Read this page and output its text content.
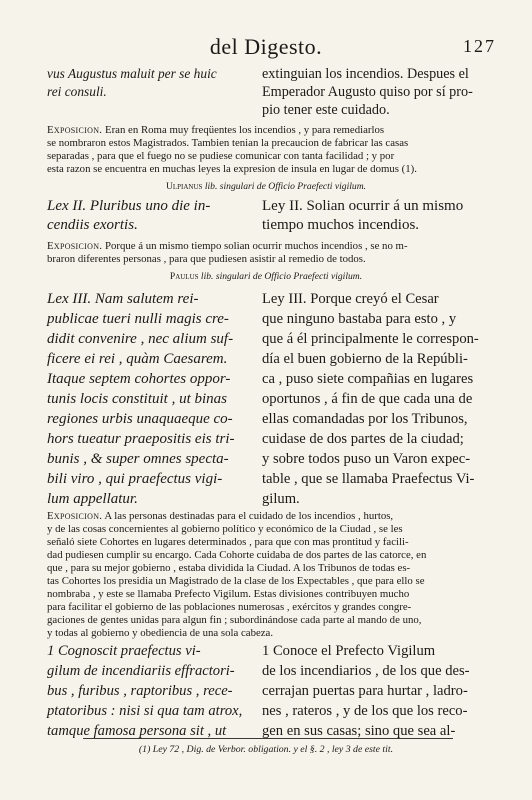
del Digesto.	127
vus Augustus maluit per se huic
rei consuli.
extinguian los incendios. Despues el
Emperador Augusto quiso por sí pro-
pio tener este cuidado.
Exposicion. Eran en Roma muy freqüentes los incendios , y para remediarlos
se nombraron estos Magistrados. Tambien tenian la precaucion de fabricar las casas
separadas , para que el fuego no se pudiese comunicar con tanta facilidad ; y por
esta razon se encuentra en muchas leyes la expresion de insula en lugar de domus (1).
Ulpianus lib. singulari de Officio Praefecti vigilum.
Lex II. Pluribus uno die in-
cendiis exortis.
Ley II. Solian ocurrir á un mismo
tiempo muchos incendios.
Exposicion. Porque á un mismo tiempo solian ocurrir muchos incendios , se no m-
braron diferentes personas , para que pudiesen asistir al remedio de todos.
Paulus lib. singulari de Officio Praefecti vigilum.
Lex III. Nam salutem rei-
publicae tueri nulli magis cre-
didit convenire , nec alium suf-
ficere ei rei , quàm Caesarem.
Itaque septem cohortes oppor-
tunis locis constituit , ut binas
regiones urbis unaquaeque co-
hors tueatur praepositis eis tri-
bunis , & super omnes specta-
bili viro , qui praefectus vigi-
lum appellatur.
Ley III. Porque creyó el Cesar
que ninguno bastaba para esto , y
que á él principalmente le correspon-
día el buen gobierno de la Repúbli-
ca , puso siete compañias en lugares
oportunos , á fin de que cada una de
ellas comandadas por los Tribunos,
cuidase de dos partes de la ciudad;
y sobre todos puso un Varon expec-
table , que se llamaba Praefectus Vi-
gilum.
Exposicion. A las personas destinadas para el cuidado de los incendios , hurtos,
y de las cosas concernientes al gobierno político y económico de la Ciudad , se les
señaló siete Cohortes en lugares determinados , para que con mas prontitud y facili-
dad pudiesen cumplir su encargo. Cada Cohorte cuidaba de dos partes de las catorce, en
que , para su mejor gobierno , estaba dividida la Ciudad. A los Tribunos de todas es-
tas Cohortes los presidia un Magistrado de la clase de los Expectables , que para ello se
nombraba , y este se llamaba Prefecto Vigilum. Estas divisiones contribuyen mucho
para facilitar el gobierno de las poblaciones numerosas , exércitos y grandes congre-
gaciones de gentes unidas para algun fin ; subordinándose cada parte al mando de uno,
y todas al gobierno y obediencia de una sola cabeza.
1 Cognoscit praefectus vi-
gilum de incendiariis effractori-
bus , furibus , raptoribus , rece-
ptatoribus : nisi si qua tam atrox,
tamque famosa persona sit , ut
1 Conoce el Prefecto Vigilum
de los incendiarios , de los que des-
cerrajan puertas para hurtar , ladro-
nes , rateros , y de los que los reco-
gen en sus casas; sino que sea al-
(1) Ley 72 , Dig. de Verbor. obligation. y el §. 2 , ley 3 de este tit.
